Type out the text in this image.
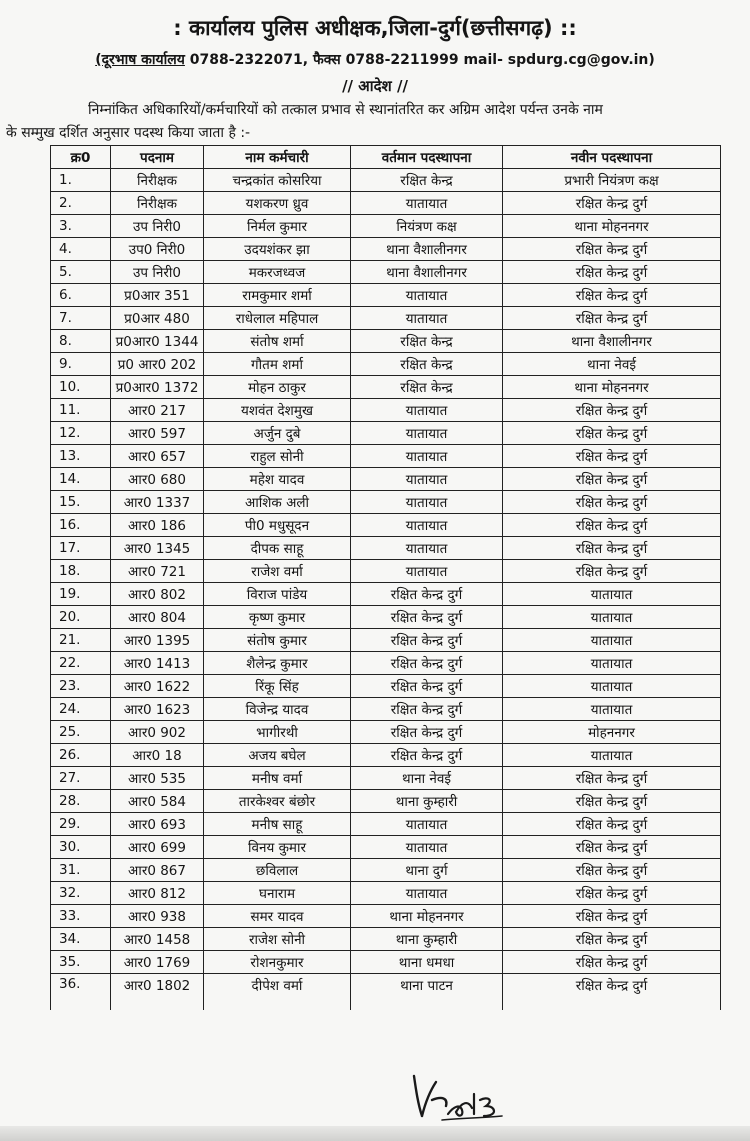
: कार्यालय पुलिस अधीक्षक,जिला-दुर्ग(छत्तीसगढ़) ::
(दूरभाष कार्यालय 0788-2322071, फैक्स 0788-2211999 mail- spdurg.cg@gov.in)
// आदेश //
निम्नांकित अधिकारियों/कर्मचारियों को तत्काल प्रभाव से स्थानांतरित कर अग्रिम आदेश पर्यन्त उनके नाम
के सम्मुख दर्शित अनुसार पदस्थ किया जाता है :-
क्र0	पदनाम	नाम कर्मचारी	वर्तमान पदस्थापना	नवीन पदस्थापना
1.	निरीक्षक	चन्द्रकांत कोसरिया	रक्षित केन्द्र	प्रभारी नियंत्रण कक्ष
2.	निरीक्षक	यशकरण ध्रुव	यातायात	रक्षित केन्द्र दुर्ग
3.	उप निरी0	निर्मल कुमार	नियंत्रण कक्ष	थाना मोहननगर
4.	उप0 निरी0	उदयशंकर झा	थाना वैशालीनगर	रक्षित केन्द्र दुर्ग
5.	उप निरी0	मकरजध्वज	थाना वैशालीनगर	रक्षित केन्द्र दुर्ग
6.	प्र0आर 351	रामकुमार शर्मा	यातायात	रक्षित केन्द्र दुर्ग
7.	प्र0आर 480	राधेलाल महिपाल	यातायात	रक्षित केन्द्र दुर्ग
8.	प्र0आर0 1344	संतोष शर्मा	रक्षित केन्द्र	थाना वैशालीनगर
9.	प्र0 आर0 202	गौतम शर्मा	रक्षित केन्द्र	थाना नेवई
10.	प्र0आर0 1372	मोहन ठाकुर	रक्षित केन्द्र	थाना मोहननगर
11.	आर0 217	यशवंत देशमुख	यातायात	रक्षित केन्द्र दुर्ग
12.	आर0 597	अर्जुन दुबे	यातायात	रक्षित केन्द्र दुर्ग
13.	आर0 657	राहुल सोनी	यातायात	रक्षित केन्द्र दुर्ग
14.	आर0 680	महेश यादव	यातायात	रक्षित केन्द्र दुर्ग
15.	आर0 1337	आशिक अली	यातायात	रक्षित केन्द्र दुर्ग
16.	आर0 186	पी0 मधुसूदन	यातायात	रक्षित केन्द्र दुर्ग
17.	आर0 1345	दीपक साहू	यातायात	रक्षित केन्द्र दुर्ग
18.	आर0 721	राजेश वर्मा	यातायात	रक्षित केन्द्र दुर्ग
19.	आर0 802	विराज पांडेय	रक्षित केन्द्र दुर्ग	यातायात
20.	आर0 804	कृष्ण कुमार	रक्षित केन्द्र दुर्ग	यातायात
21.	आर0 1395	संतोष कुमार	रक्षित केन्द्र दुर्ग	यातायात
22.	आर0 1413	शैलेन्द्र कुमार	रक्षित केन्द्र दुर्ग	यातायात
23.	आर0 1622	रिंकू सिंह	रक्षित केन्द्र दुर्ग	यातायात
24.	आर0 1623	विजेन्द्र यादव	रक्षित केन्द्र दुर्ग	यातायात
25.	आर0 902	भागीरथी	रक्षित केन्द्र दुर्ग	मोहननगर
26.	आर0 18	अजय बघेल	रक्षित केन्द्र दुर्ग	यातायात
27.	आर0 535	मनीष वर्मा	थाना नेवई	रक्षित केन्द्र दुर्ग
28.	आर0 584	तारकेश्वर बंछोर	थाना कुम्हारी	रक्षित केन्द्र दुर्ग
29.	आर0 693	मनीष साहू	यातायात	रक्षित केन्द्र दुर्ग
30.	आर0 699	विनय कुमार	यातायात	रक्षित केन्द्र दुर्ग
31.	आर0 867	छविलाल	थाना दुर्ग	रक्षित केन्द्र दुर्ग
32.	आर0 812	घनाराम	यातायात	रक्षित केन्द्र दुर्ग
33.	आर0 938	समर यादव	थाना मोहननगर	रक्षित केन्द्र दुर्ग
34.	आर0 1458	राजेश सोनी	थाना कुम्हारी	रक्षित केन्द्र दुर्ग
35.	आर0 1769	रोशनकुमार	थाना धमधा	रक्षित केन्द्र दुर्ग
36.	आर0 1802	दीपेश वर्मा	थाना पाटन	रक्षित केन्द्र दुर्ग
